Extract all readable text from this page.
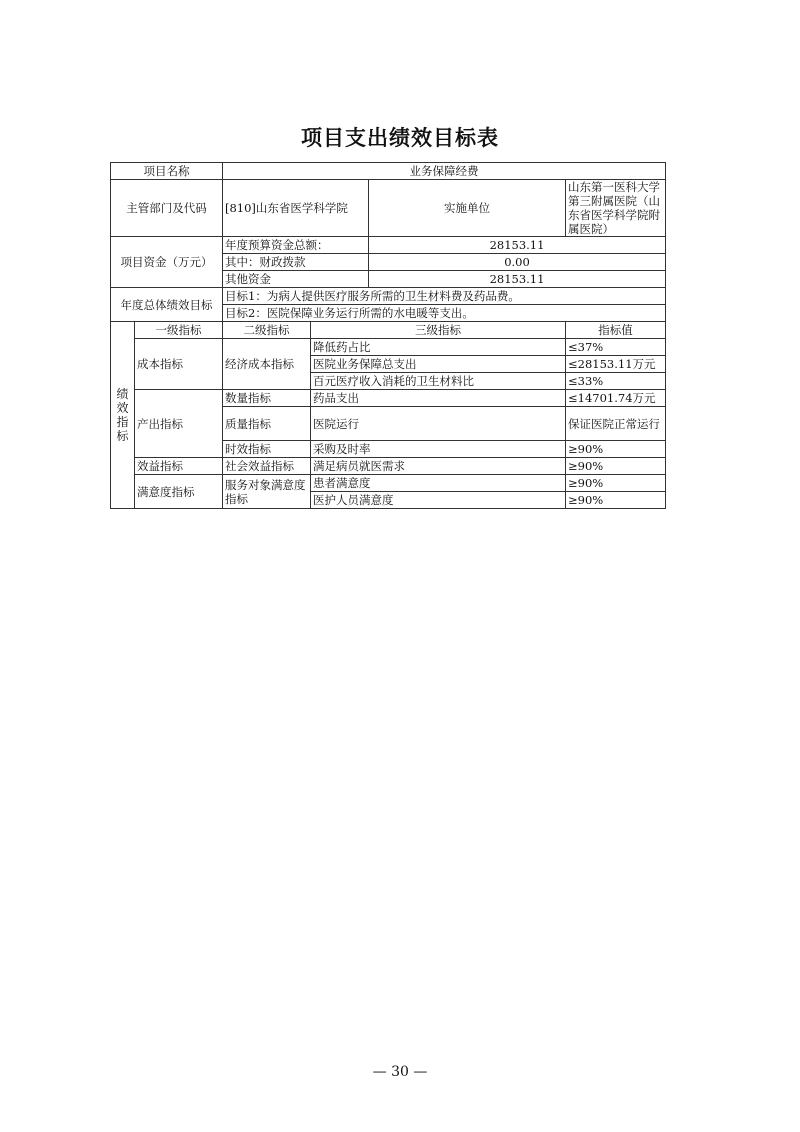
项目支出绩效目标表
项目名称		业务保障经费			
主管部门及代码		[810]山东省医学科学院		实施单位	山东第一医科大学第三附属医院（山东省医学科学院附属医院）
项目资金（万元）		年度预算资金总额：		28153.11	
		其中：财政拨款		0.00	
		其他资金		28153.11	
年度总体绩效目标		目标1：为病人提供医疗服务所需的卫生材料费及药品费。			
		目标2：医院保障业务运行所需的水电暖等支出。			

绩
效
指
标	一级指标	二级指标	三级指标		指标值
	成本指标	经济成本指标	降低药占比		≤37%
			医院业务保障总支出		≤28153.11万元
			百元医疗收入消耗的卫生材料比		≤33%
	产出指标	数量指标	药品支出		≤14701.74万元
		质量指标	医院运行		保证医院正常运行
		时效指标	采购及时率		≥90%
	效益指标	社会效益指标	满足病员就医需求		≥90%
	满意度指标	服务对象满意度指标	患者满意度		≥90%
			医护人员满意度		≥90%
— 30 —
